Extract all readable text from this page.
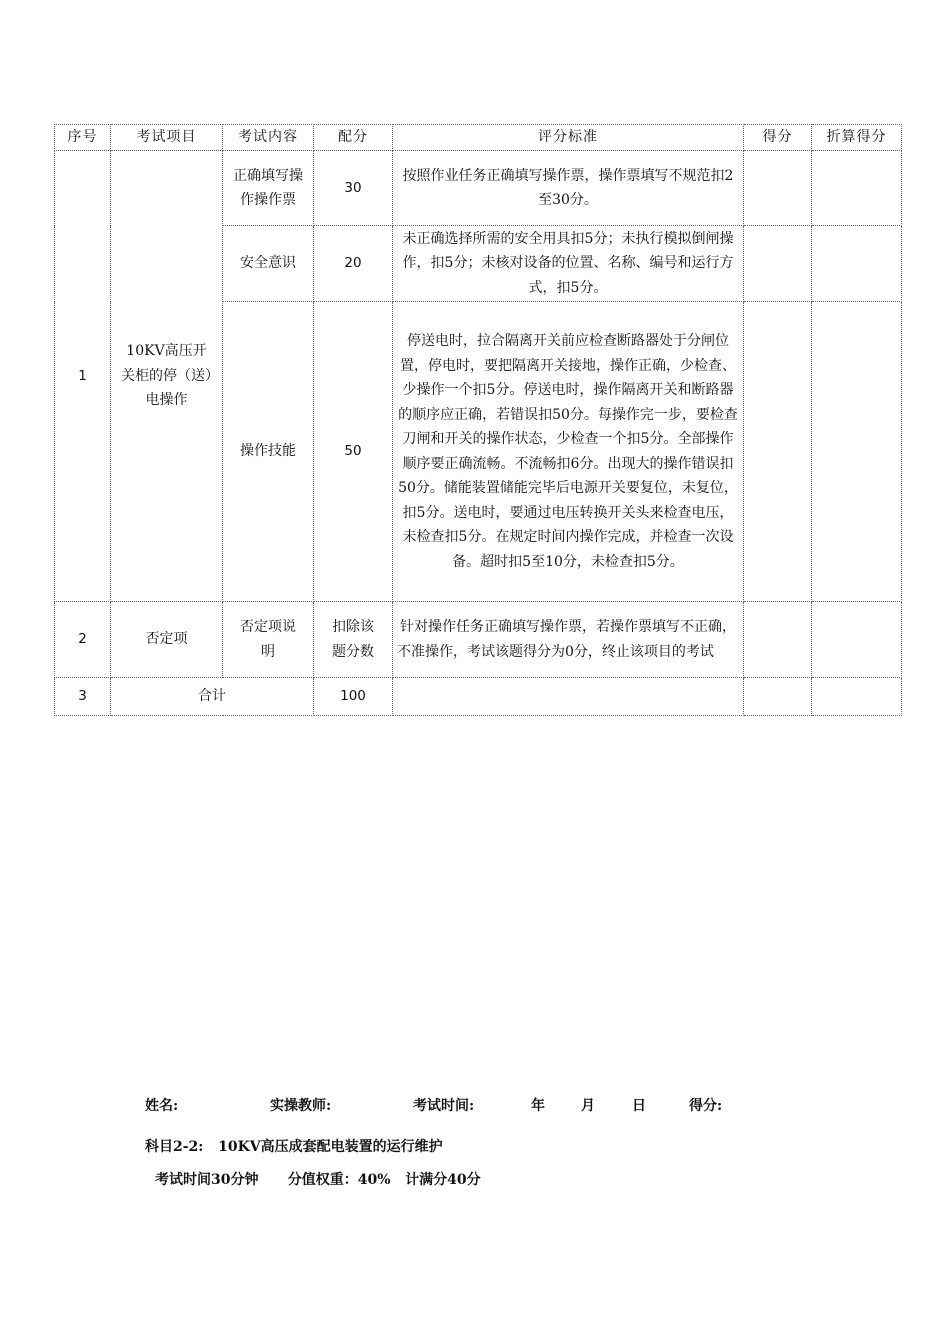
序号	考试项目	考试内容	配分	评分标准	得分	折算得分
1	10KV高压开关柜的停（送）电操作	正确填写操作操作票	30	按照作业任务正确填写操作票，操作票填写不规范扣2至30分。		
		安全意识	20	未正确选择所需的安全用具扣5分；未执行模拟倒闸操作，扣5分；未核对设备的位置、名称、编号和运行方式，扣5分。		
		操作技能	50	停送电时，拉合隔离开关前应检查断路器处于分闸位置，停电时，要把隔离开关接地，操作正确，少检查、少操作一个扣5分。停送电时，操作隔离开关和断路器的顺序应正确，若错误扣50分。每操作完一步，要检查刀闸和开关的操作状态，少检查一个扣5分。全部操作顺序要正确流畅。不流畅扣6分。出现大的操作错误扣50分。储能装置储能完毕后电源开关要复位，未复位，扣5分。送电时，要通过电压转换开关头来检查电压，未检查扣5分。在规定时间内操作完成，并检查一次设备。超时扣5至10分，未检查扣5分。		
2	否定项	否定项说明	扣除该题分数	针对操作任务正确填写操作票，若操作票填写不正确，不准操作，考试该题得分为0分，终止该项目的考试		
3	合计		100			
姓名:	实操教师:	考试时间:	年	月	日	得分:
科目2-2:   10KV高压成套配电装置的运行维护
考试时间30分钟      分值权重：40%   计满分40分
